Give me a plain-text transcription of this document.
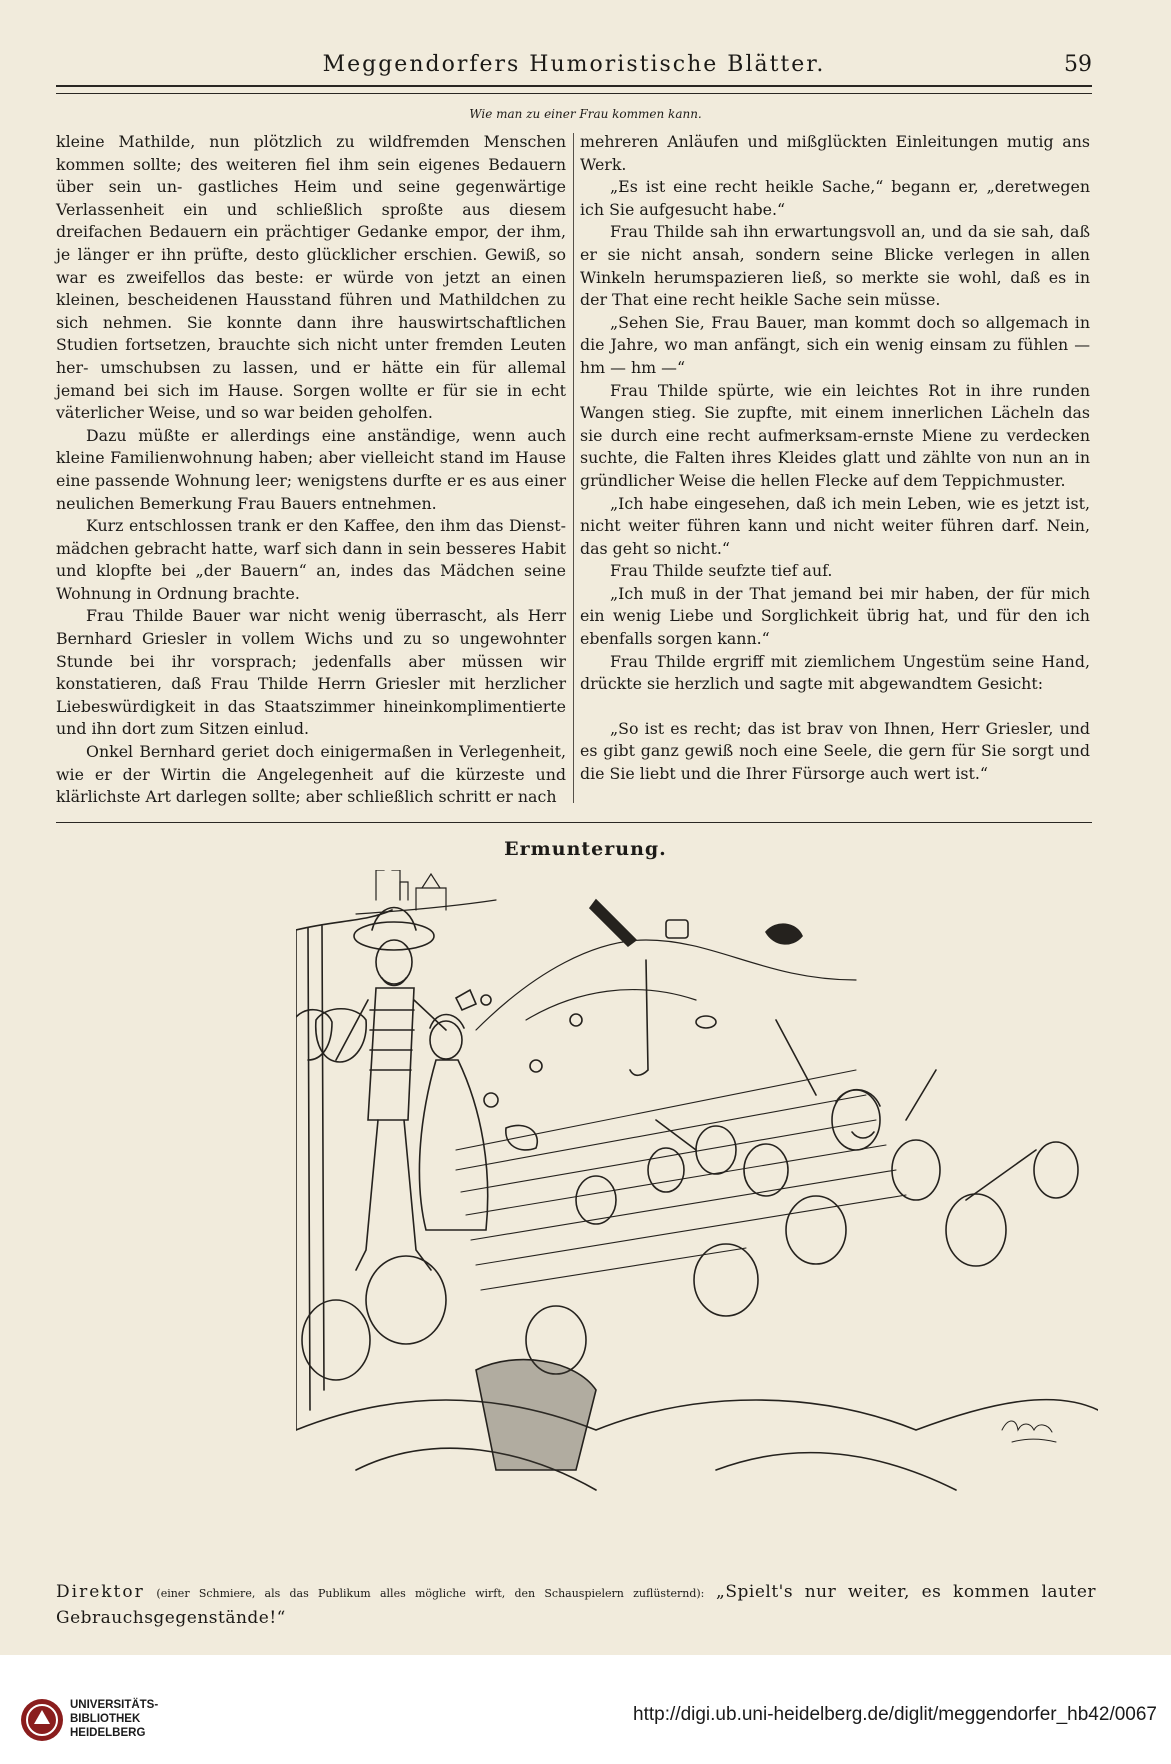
Meggendorfers Humoristische Blätter.	59
Wie man zu einer Frau kommen kann.

kleine Mathilde, nun plötzlich zu wildfremden Menschen kommen sollte; des weiteren fiel ihm sein eigenes Bedauern über sein un- gastliches Heim und seine gegenwärtige Verlassenheit ein und schließlich sproßte aus diesem dreifachen Bedauern ein prächtiger Gedanke empor, der ihm, je länger er ihn prüfte, desto glücklicher erschien. Gewiß, so war es zweifellos das beste: er würde von jetzt an einen kleinen, bescheidenen Hausstand führen und Mathildchen zu sich nehmen. Sie konnte dann ihre hauswirtschaftlichen Studien fortsetzen, brauchte sich nicht unter fremden Leuten her- umschubsen zu lassen, und er hätte ein für allemal jemand bei sich im Hause. Sorgen wollte er für sie in echt väterlicher Weise, und so war beiden geholfen.

Dazu müßte er allerdings eine anständige, wenn auch kleine Familienwohnung haben; aber vielleicht stand im Hause eine passende Wohnung leer; wenigstens durfte er es aus einer neulichen Bemerkung Frau Bauers entnehmen.

Kurz entschlossen trank er den Kaffee, den ihm das Dienst- mädchen gebracht hatte, warf sich dann in sein besseres Habit und klopfte bei „der Bauern“ an, indes das Mädchen seine Wohnung in Ordnung brachte.

Frau Thilde Bauer war nicht wenig überrascht, als Herr Bernhard Griesler in vollem Wichs und zu so ungewohnter Stunde bei ihr vorsprach; jedenfalls aber müssen wir konstatieren, daß Frau Thilde Herrn Griesler mit herzlicher Liebeswürdigkeit in das Staatszimmer hineinkomplimentierte und ihn dort zum Sitzen einlud.

Onkel Bernhard geriet doch einigermaßen in Verlegenheit, wie er der Wirtin die Angelegenheit auf die kürzeste und klärlichste Art darlegen sollte; aber schließlich schritt er nach

mehreren Anläufen und mißglückten Einleitungen mutig ans Werk.

„Es ist eine recht heikle Sache,“ begann er, „deretwegen ich Sie aufgesucht habe.“

Frau Thilde sah ihn erwartungsvoll an, und da sie sah, daß er sie nicht ansah, sondern seine Blicke verlegen in allen Winkeln herumspazieren ließ, so merkte sie wohl, daß es in der That eine recht heikle Sache sein müsse.

„Sehen Sie, Frau Bauer, man kommt doch so allgemach in die Jahre, wo man anfängt, sich ein wenig einsam zu fühlen — hm — hm —“

Frau Thilde spürte, wie ein leichtes Rot in ihre runden Wangen stieg. Sie zupfte, mit einem innerlichen Lächeln das sie durch eine recht aufmerksam-ernste Miene zu verdecken suchte, die Falten ihres Kleides glatt und zählte von nun an in gründlicher Weise die hellen Flecke auf dem Teppichmuster.

„Ich habe eingesehen, daß ich mein Leben, wie es jetzt ist, nicht weiter führen kann und nicht weiter führen darf. Nein, das geht so nicht.“

Frau Thilde seufzte tief auf.

„Ich muß in der That jemand bei mir haben, der für mich ein wenig Liebe und Sorglichkeit übrig hat, und für den ich ebenfalls sorgen kann.“

Frau Thilde ergriff mit ziemlichem Ungestüm seine Hand, drückte sie herzlich und sagte mit abgewandtem Gesicht:

„So ist es recht; das ist brav von Ihnen, Herr Griesler, und es gibt ganz gewiß noch eine Seele, die gern für Sie sorgt und die Sie liebt und die Ihrer Fürsorge auch wert ist.“

Ermunterung.
Direktor (einer Schmiere, als das Publikum alles mögliche wirft, den Schauspielern zuflüsternd): „Spielt's nur weiter, es kommen lauter Gebrauchsgegenstände!“
UNIVERSITÄTS-
BIBLIOTHEK
HEIDELBERG
http://digi.ub.uni-heidelberg.de/diglit/meggendorfer_hb42/0067
